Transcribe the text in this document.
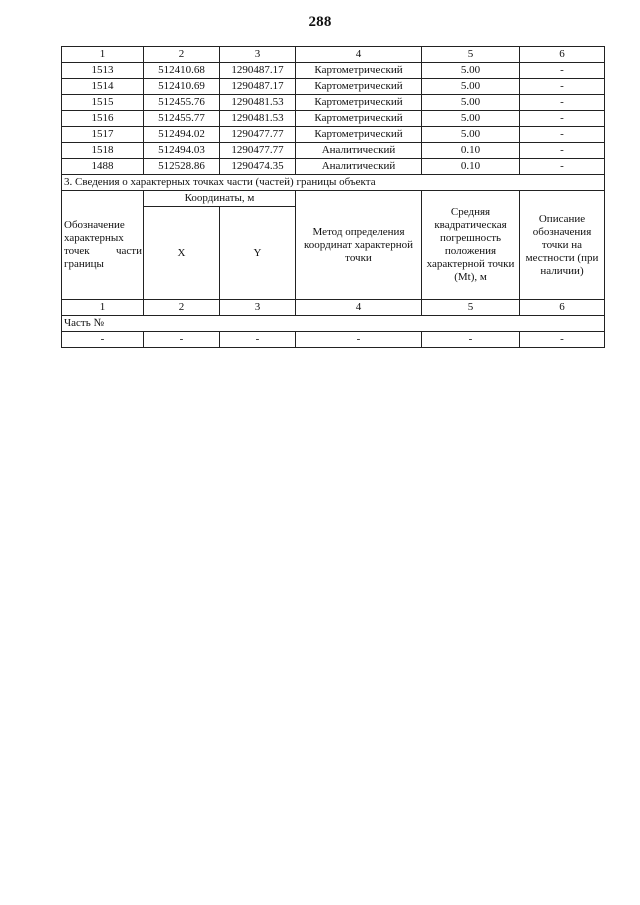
288
1	2	3	4	5	6
1513	512410.68	1290487.17	Картометрический	5.00	-
1514	512410.69	1290487.17	Картометрический	5.00	-
1515	512455.76	1290481.53	Картометрический	5.00	-
1516	512455.77	1290481.53	Картометрический	5.00	-
1517	512494.02	1290477.77	Картометрический	5.00	-
1518	512494.03	1290477.77	Аналитический	0.10	-
1488	512528.86	1290474.35	Аналитический	0.10	-
3. Сведения о характерных точках части (частей) границы объекта					
Обозначение характерных точек части границы	Координаты, м		Метод определения координат характерной точки	Средняя квадратическая погрешность положения характерной точки (Mt), м	Описание обозначения точки на местности (при наличии)
	X	Y			
1	2	3	4	5	6
Часть №					
-	-	-	-	-	-
